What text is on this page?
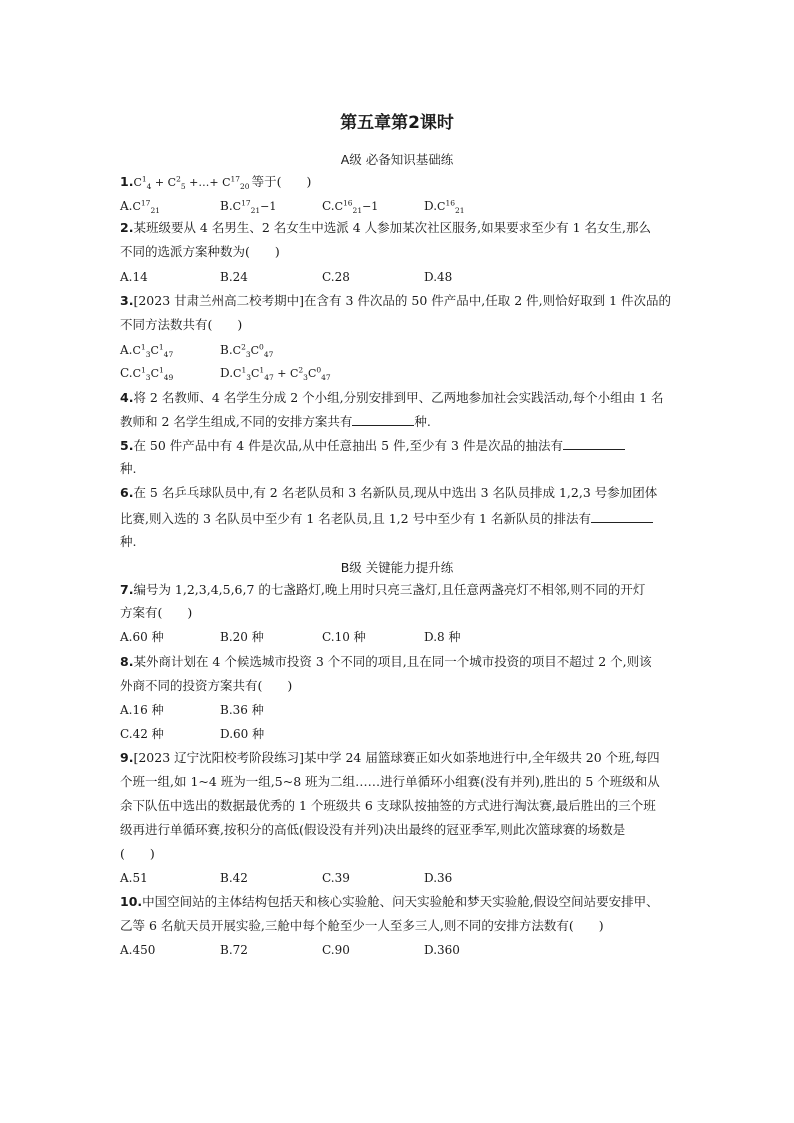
第五章第2课时
A级 必备知识基础练
$1.C^1_4 + C^2_5$ +…+ $C^{17}_{20}$ 等于(　　)
$A.C^{17}_{21}$	$B.C^{17}_{21}-1$	$C.C^{16}_{21}-1$	$D.C^{16}_{21}$
2.某班级要从 4 名男生、2 名女生中选派 4 人参加某次社区服务,如果要求至少有 1 名女生,那么
不同的选派方案种数为(　　)
A.14	B.24	C.28	D.48
3.[2023 甘肃兰州高二校考期中]在含有 3 件次品的 50 件产品中,任取 2 件,则恰好取到 1 件次品的
不同方法数共有(　　)
$A.C^1_3C^1_{47}$	$B.C^2_3C^0_{47}$
$C.C^1_3C^1_{49}$	$D.C^1_3C^1_{47} + C^2_3C^0_{47}$
4.将 2 名教师、4 名学生分成 2 个小组,分别安排到甲、乙两地参加社会实践活动,每个小组由 1 名
教师和 2 名学生组成,不同的安排方案共有	种.
5.在 50 件产品中有 4 件是次品,从中任意抽出 5 件,至少有 3 件是次品的抽法有
种.
6.在 5 名乒乓球队员中,有 2 名老队员和 3 名新队员,现从中选出 3 名队员排成 1,2,3 号参加团体
比赛,则入选的 3 名队员中至少有 1 名老队员,且 1,2 号中至少有 1 名新队员的排法有
种.
B级 关键能力提升练
7.编号为 1,2,3,4,5,6,7 的七盏路灯,晚上用时只亮三盏灯,且任意两盏亮灯不相邻,则不同的开灯
方案有(　　)
A.60 种	B.20 种	C.10 种	D.8 种
8.某外商计划在 4 个候选城市投资 3 个不同的项目,且在同一个城市投资的项目不超过 2 个,则该
外商不同的投资方案共有(　　)
A.16 种	B.36 种
C.42 种	D.60 种
9.[2023 辽宁沈阳校考阶段练习]某中学 24 届篮球赛正如火如荼地进行中,全年级共 20 个班,每四
个班一组,如 1~4 班为一组,5~8 班为二组……进行单循环小组赛(没有并列),胜出的 5 个班级和从
余下队伍中选出的数据最优秀的 1 个班级共 6 支球队按抽签的方式进行淘汰赛,最后胜出的三个班
级再进行单循环赛,按积分的高低(假设没有并列)决出最终的冠亚季军,则此次篮球赛的场数是
(　　)
A.51	B.42	C.39	D.36
10.中国空间站的主体结构包括天和核心实验舱、问天实验舱和梦天实验舱,假设空间站要安排甲、
乙等 6 名航天员开展实验,三舱中每个舱至少一人至多三人,则不同的安排方法数有(　　)
A.450	B.72	C.90	D.360
